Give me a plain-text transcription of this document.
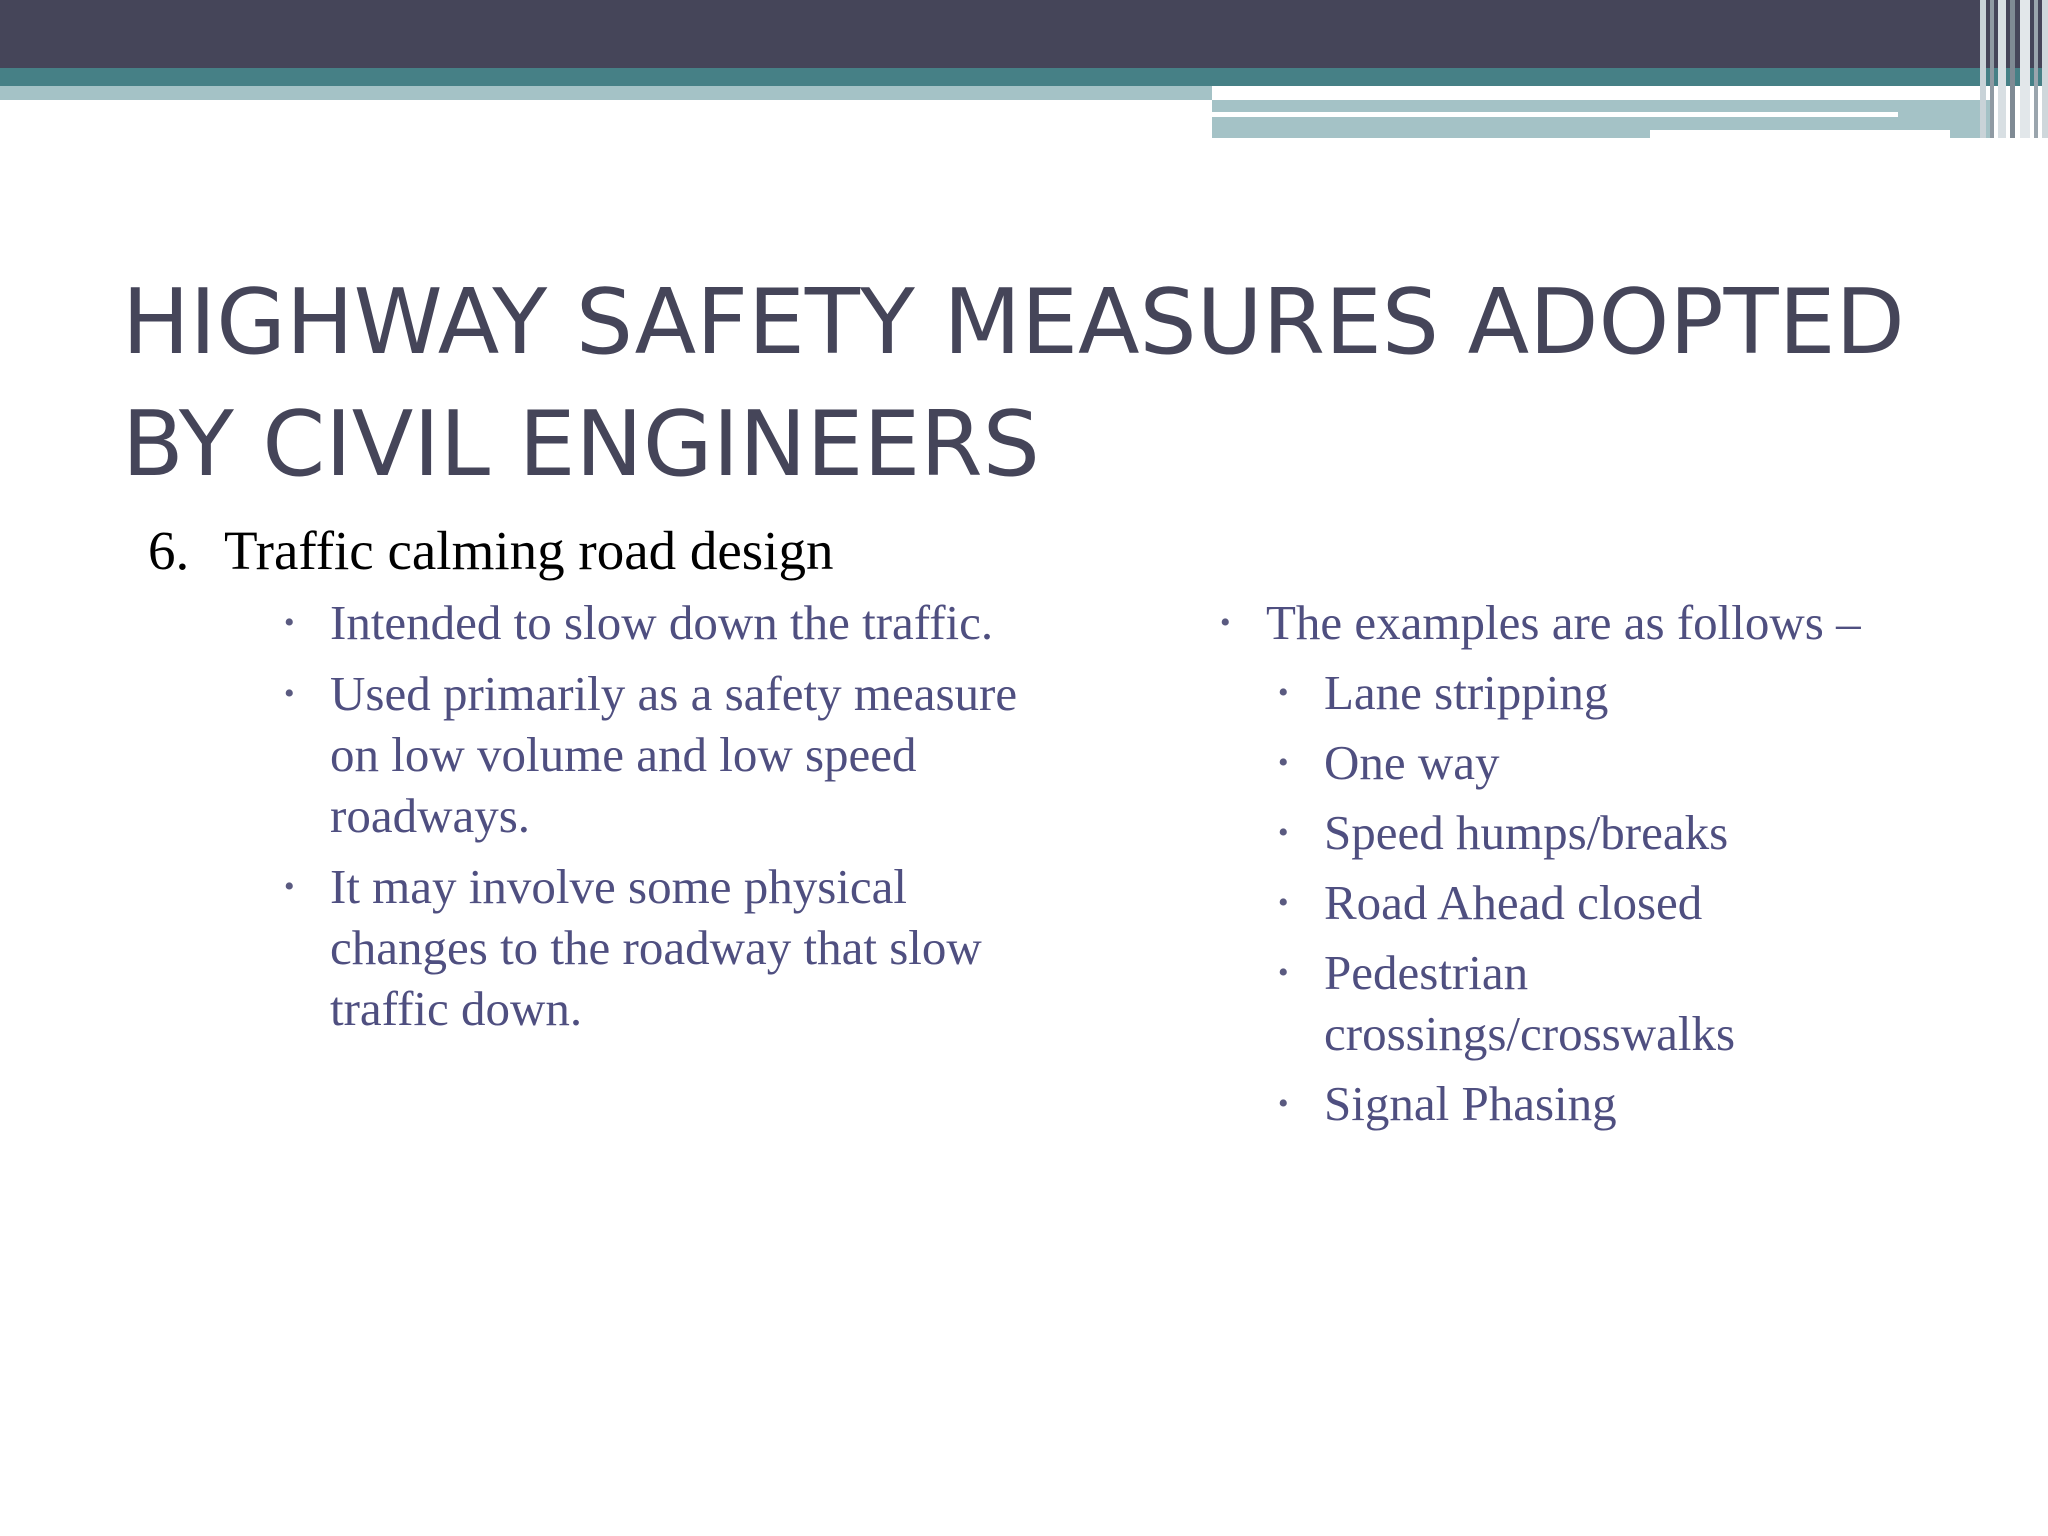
HIGHWAY SAFETY MEASURES ADOPTED BY CIVIL ENGINEERS
6. Traffic calming road design
• Intended to slow down the traffic.
• Used primarily as a safety measure on low volume and low speed roadways.
• It may involve some physical changes to the roadway that slow traffic down.
• The examples are as follows –
• Lane stripping
• One way
• Speed humps/breaks
• Road Ahead closed
• Pedestrian crossings/crosswalks
• Signal Phasing
